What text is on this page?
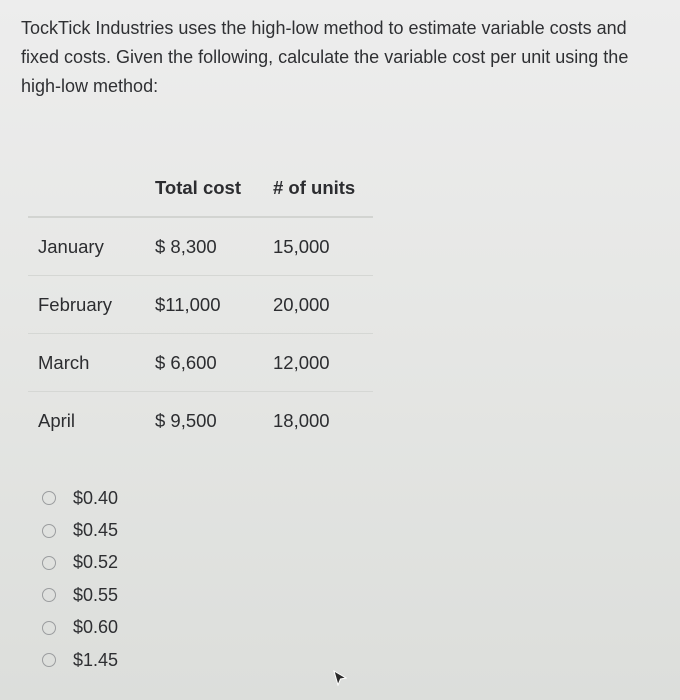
TockTick Industries uses the high-low method to estimate variable costs and fixed costs. Given the following, calculate the variable cost per unit using the high-low method:
	Total cost	# of units
January	$ 8,300	15,000
February	$11,000	20,000
March	$ 6,600	12,000
April	$ 9,500	18,000
$0.40
$0.45
$0.52
$0.55
$0.60
$1.45
